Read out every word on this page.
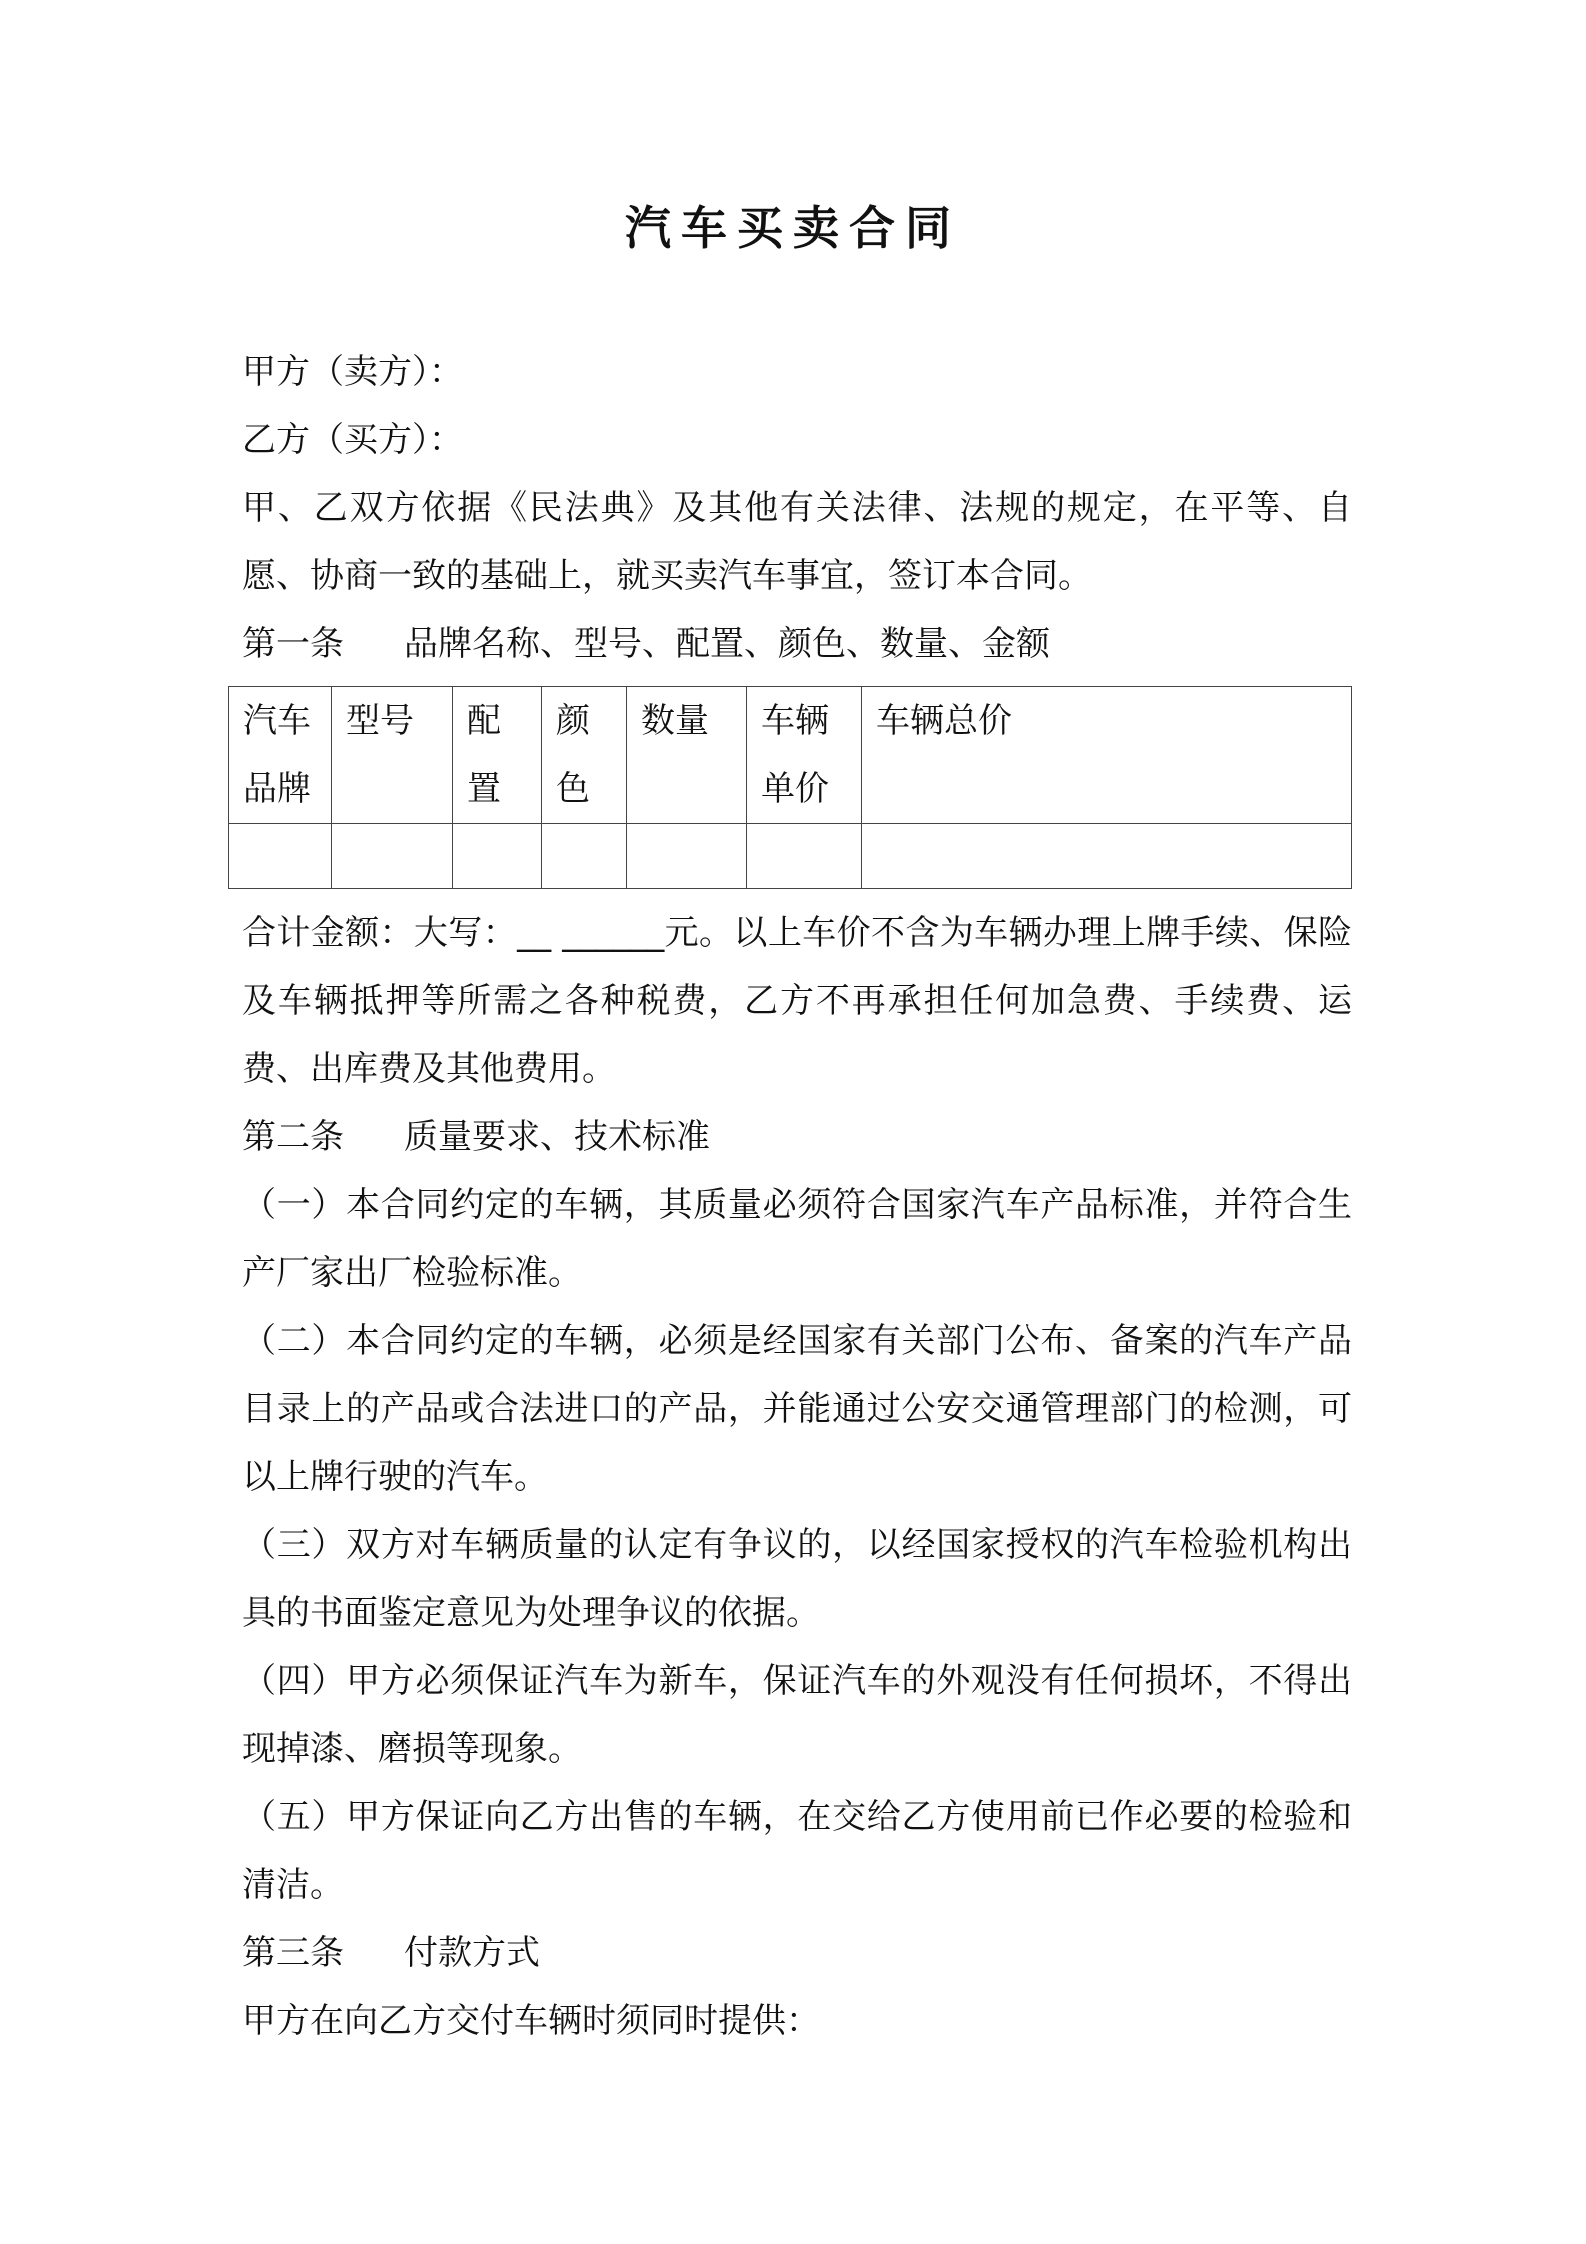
汽车买卖合同

甲方（卖方）：

乙方（买方）：

甲、乙双方依据《民法典》及其他有关法律、法规的规定，在平等、自愿、协商一致的基础上，就买卖汽车事宜，签订本合同。

第一条 品牌名称、型号、配置、颜色、数量、金额

汽车品牌	型号	配置	颜色	数量	车辆单价	车辆总价

合计金额：大写：__ ______元。以上车价不含为车辆办理上牌手续、保险及车辆抵押等所需之各种税费，乙方不再承担任何加急费、手续费、运费、出库费及其他费用。

第二条 质量要求、技术标准

（一）本合同约定的车辆，其质量必须符合国家汽车产品标准，并符合生产厂家出厂检验标准。

（二）本合同约定的车辆，必须是经国家有关部门公布、备案的汽车产品目录上的产品或合法进口的产品，并能通过公安交通管理部门的检测，可以上牌行驶的汽车。

（三）双方对车辆质量的认定有争议的，以经国家授权的汽车检验机构出具的书面鉴定意见为处理争议的依据。

（四）甲方必须保证汽车为新车，保证汽车的外观没有任何损坏，不得出现掉漆、磨损等现象。

（五）甲方保证向乙方出售的车辆，在交给乙方使用前已作必要的检验和清洁。

第三条 付款方式

甲方在向乙方交付车辆时须同时提供：
